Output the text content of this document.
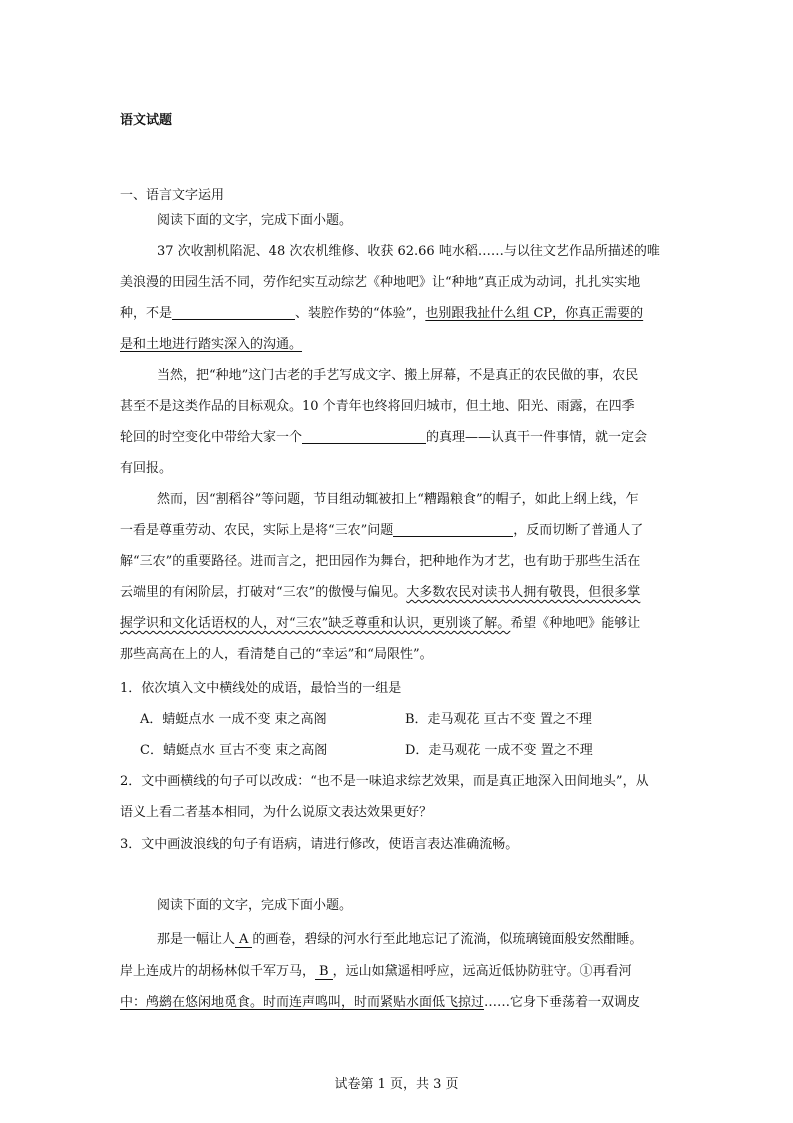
语文试题
一、语言文字运用
阅读下面的文字，完成下面小题。
37 次收割机陷泥、48 次农机维修、收获 62.66 吨水稻……与以往文艺作品所描述的唯
美浪漫的田园生活不同，劳作纪实互动综艺《种地吧》让“种地”真正成为动词，扎扎实实地
种，不是	、装腔作势的“体验”，也别跟我扯什么组 CP，你真正需要的
是和土地进行踏实深入的沟通。
当然，把“种地”这门古老的手艺写成文字、搬上屏幕，不是真正的农民做的事，农民
甚至不是这类作品的目标观众。10 个青年也终将回归城市，但土地、阳光、雨露，在四季
轮回的时空变化中带给大家一个	的真理——认真干一件事情，就一定会
有回报。
然而，因“割稻谷”等问题，节目组动辄被扣上“糟蹋粮食”的帽子，如此上纲上线，乍
一看是尊重劳动、农民，实际上是将“三农”问题	，反而切断了普通人了
解“三农”的重要路径。进而言之，把田园作为舞台，把种地作为才艺，也有助于那些生活在
云端里的有闲阶层，打破对“三农”的傲慢与偏见。大多数农民对读书人拥有敬畏，但很多掌
握学识和文化话语权的人，对“三农”缺乏尊重和认识，更别谈了解。希望《种地吧》能够让
那些高高在上的人，看清楚自己的“幸运”和“局限性”。
1．依次填入文中横线处的成语，最恰当的一组是
A．蜻蜓点水 一成不变 束之高阁	B．走马观花 亘古不变 置之不理
C．蜻蜓点水 亘古不变 束之高阁	D．走马观花 一成不变 置之不理
2．文中画横线的句子可以改成：“也不是一味追求综艺效果，而是真正地深入田间地头”，从
语义上看二者基本相同，为什么说原文表达效果更好？
3．文中画波浪线的句子有语病，请进行修改，使语言表达准确流畅。
阅读下面的文字，完成下面小题。
那是一幅让人 A 的画卷，碧绿的河水行至此地忘记了流淌，似琉璃镜面般安然酣睡。
岸上连成片的胡杨林似千军万马， B ，远山如黛遥相呼应，远高近低协防驻守。①再看河
中：鸬鹚在悠闲地觅食。时而连声鸣叫，时而紧贴水面低飞掠过……它身下垂荡着一双调皮
试卷第 1 页，共 3 页
